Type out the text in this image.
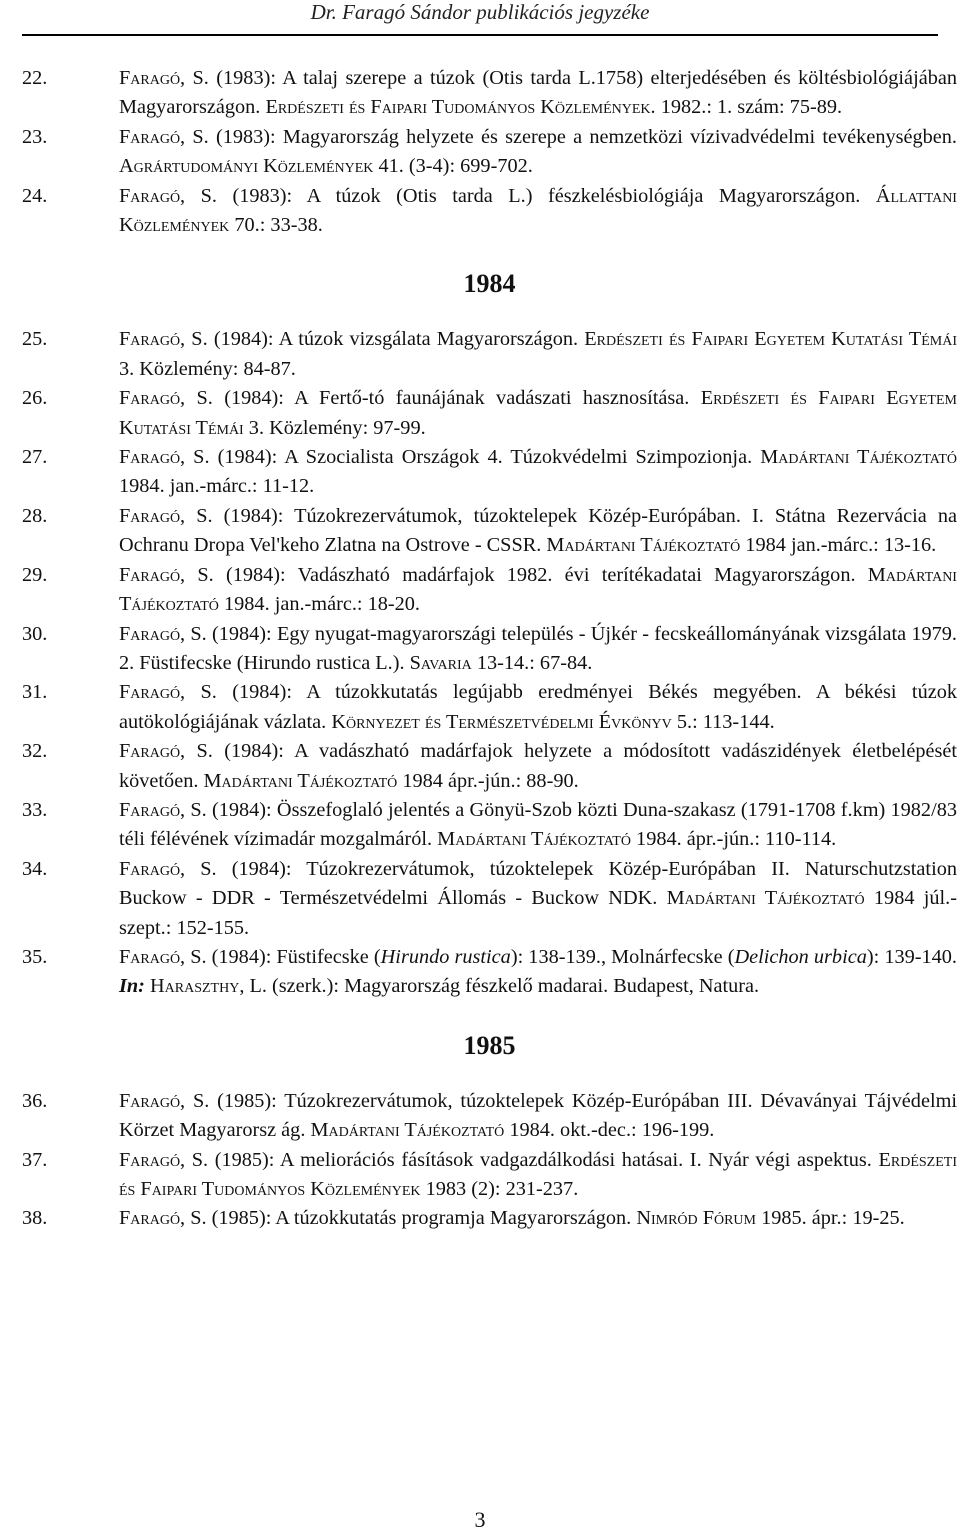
Dr. Faragó Sándor publikációs jegyzéke
22.	Faragó, S. (1983): A talaj szerepe a túzok (Otis tarda L.1758) elterjedésében és költésbiológiájában Magyarországon. Erdészeti és Faipari Tudományos Közlemények. 1982.: 1. szám: 75-89.
23.	Faragó, S. (1983): Magyarország helyzete és szerepe a nemzetközi vízivadvédelmi tevékenységben. Agrártudományi Közlemények 41. (3-4): 699-702.
24.	Faragó, S. (1983): A túzok (Otis tarda L.) fészkelésbiológiája Magyarországon. Állattani Közlemények 70.: 33-38.
1984
25.	Faragó, S. (1984): A túzok vizsgálata Magyarországon. Erdészeti és Faipari Egyetem Kutatási Témái 3. Közlemény: 84-87.
26.	Faragó, S. (1984): A Fertő-tó faunájának vadászati hasznosítása. Erdészeti és Faipari Egyetem Kutatási Témái 3. Közlemény: 97-99.
27.	Faragó, S. (1984): A Szocialista Országok 4. Túzokvédelmi Szimpozionja. Madártani Tájékoztató 1984. jan.-márc.: 11-12.
28.	Faragó, S. (1984): Túzokrezervátumok, túzoktelepek Közép-Európában. I. Státna Rezervácia na Ochranu Dropa Vel'keho Zlatna na Ostrove - CSSR. Madártani Tájékoztató 1984 jan.-márc.: 13-16.
29.	Faragó, S. (1984): Vadászható madárfajok 1982. évi terítékadatai Magyarországon. Madártani Tájékoztató 1984. jan.-márc.: 18-20.
30.	Faragó, S. (1984): Egy nyugat-magyarországi település - Újkér - fecskeállományának vizsgálata 1979. 2. Füstifecske (Hirundo rustica L.). Savaria 13-14.: 67-84.
31.	Faragó, S. (1984): A túzokkutatás legújabb eredményei Békés megyében. A békési túzok autökológiájának vázlata. Környezet és Természetvédelmi Évkönyv 5.: 113-144.
32.	Faragó, S. (1984): A vadászható madárfajok helyzete a módosított vadászidények életbelépését követően. Madártani Tájékoztató 1984 ápr.-jún.: 88-90.
33.	Faragó, S. (1984): Összefoglaló jelentés a Gönyü-Szob közti Duna-szakasz (1791-1708 f.km) 1982/83 téli félévének vízimadár mozgalmáról. Madártani Tájékoztató 1984. ápr.-jún.: 110-114.
34.	Faragó, S. (1984): Túzokrezervátumok, túzoktelepek Közép-Európában II. Naturschutzstation Buckow - DDR - Természetvédelmi Állomás - Buckow NDK. Madártani Tájékoztató 1984 júl.-szept.: 152-155.
35.	Faragó, S. (1984): Füstifecske (Hirundo rustica): 138-139., Molnárfecske (Delichon urbica): 139-140. In: Haraszthy, L. (szerk.): Magyarország fészkelő madarai. Budapest, Natura.
1985
36.	Faragó, S. (1985): Túzokrezervátumok, túzoktelepek Közép-Európában III. Dévaványai Tájvédelmi Körzet Magyarorsz ág. Madártani Tájékoztató 1984. okt.-dec.: 196-199.
37.	Faragó, S. (1985): A meliorációs fásítások vadgazdálkodási hatásai. I. Nyár végi aspektus. Erdészeti és Faipari Tudományos Közlemények 1983 (2): 231-237.
38.	Faragó, S. (1985): A túzokkutatás programja Magyarországon. Nimród Fórum 1985. ápr.: 19-25.
3
